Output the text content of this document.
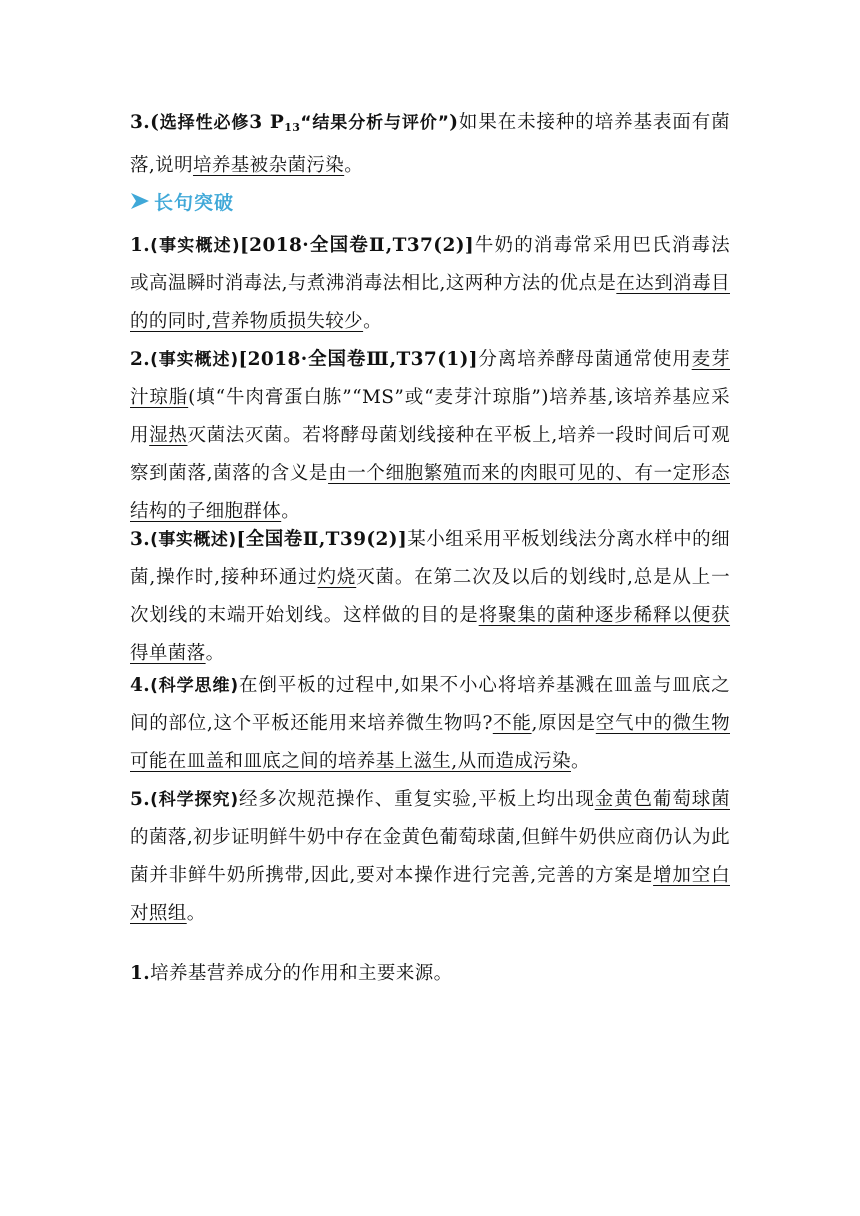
3.(选择性必修3 $P_{13}“$结果分析与评价”)如果在未接种的培养基表面有菌落,说明培养基被杂菌污染。
长句突破
1.(事实概述)[2018·全国卷Ⅱ,T37(2)]牛奶的消毒常采用巴氏消毒法或高温瞬时消毒法,与煮沸消毒法相比,这两种方法的优点是在达到消毒目的的同时,营养物质损失较少。
2.(事实概述)[2018·全国卷Ⅲ,T37(1)]分离培养酵母菌通常使用麦芽汁琼脂(填“牛肉膏蛋白胨”“MS”或“麦芽汁琼脂”)培养基,该培养基应采用湿热灭菌法灭菌。若将酵母菌划线接种在平板上,培养一段时间后可观察到菌落,菌落的含义是由一个细胞繁殖而来的肉眼可见的、有一定形态结构的子细胞群体。
3.(事实概述)[全国卷Ⅱ,T39(2)]某小组采用平板划线法分离水样中的细菌,操作时,接种环通过灼烧灭菌。在第二次及以后的划线时,总是从上一次划线的末端开始划线。这样做的目的是将聚集的菌种逐步稀释以便获得单菌落。
4.(科学思维)在倒平板的过程中,如果不小心将培养基溅在皿盖与皿底之间的部位,这个平板还能用来培养微生物吗?不能,原因是空气中的微生物可能在皿盖和皿底之间的培养基上滋生,从而造成污染。
5.(科学探究)经多次规范操作、重复实验,平板上均出现金黄色葡萄球菌的菌落,初步证明鲜牛奶中存在金黄色葡萄球菌,但鲜牛奶供应商仍认为此菌并非鲜牛奶所携带,因此,要对本操作进行完善,完善的方案是增加空白对照组。
1.培养基营养成分的作用和主要来源。
